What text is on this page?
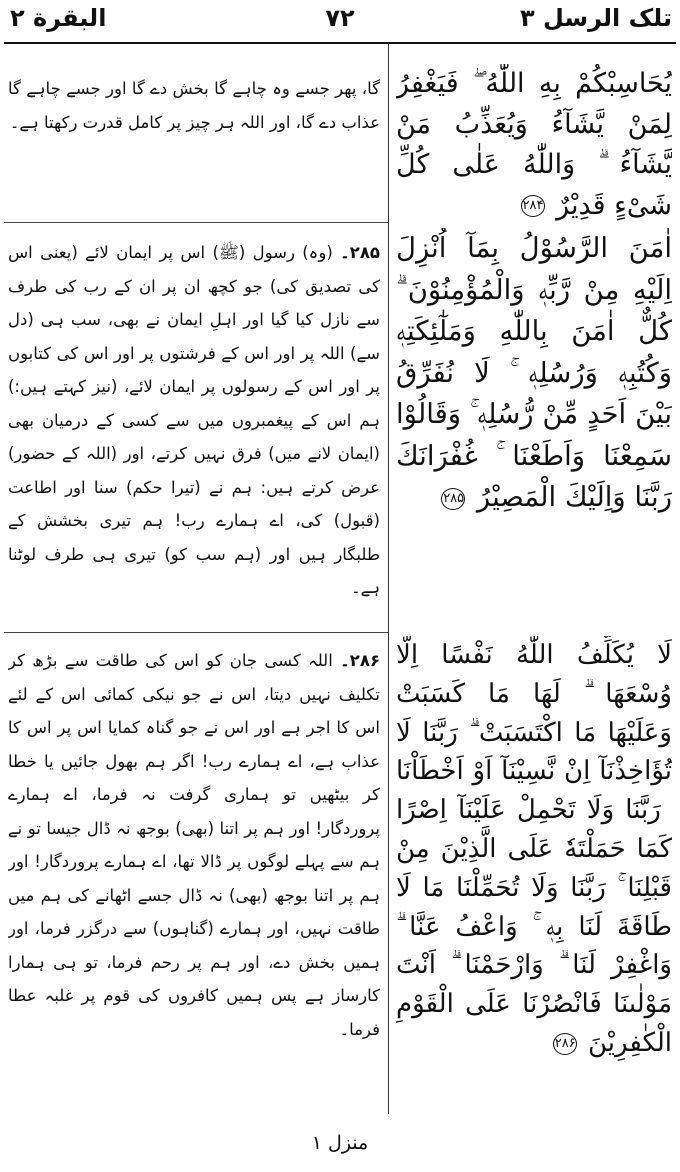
تلک الرسل ۳
۷۲
البقرة ۲
يُحَاسِبْكُمْ بِهِ اللّٰهُ ۖ فَيَغْفِرُ لِمَنْ يَّشَآءُ وَيُعَذِّبُ مَنْ يَّشَآءُ ۗ وَاللّٰهُ عَلٰى كُلِّ شَىْءٍ قَدِيْرٌ ۲۸۴
گا، پھر جسے وہ چاہے گا بخش دے گا اور جسے چاہے گا عذاب دے گا، اور اللہ ہر چیز پر کامل قدرت رکھتا ہے۔
اٰمَنَ الرَّسُوْلُ بِمَآ اُنْزِلَ اِلَيْهِ مِنْ رَّبِّهٖ وَالْمُؤْمِنُوْنَ ۗ كُلٌّ اٰمَنَ بِاللّٰهِ وَمَلٰٓئِكَتِهٖ وَكُتُبِهٖ وَرُسُلِهٖ ۚ لَا نُفَرِّقُ بَيْنَ اَحَدٍ مِّنْ رُّسُلِهٖ ۚ وَقَالُوْا سَمِعْنَا وَاَطَعْنَا ۚ غُفْرَانَكَ رَبَّنَا وَاِلَيْكَ الْمَصِيْرُ ۲۸۵
۲۸۵۔ (وہ) رسول (ﷺ) اس پر ایمان لائے (یعنی اس کی تصدیق کی) جو کچھ ان پر ان کے رب کی طرف سے نازل کیا گیا اور اہلِ ایمان نے بھی، سب ہی (دل سے) اللہ پر اور اس کے فرشتوں پر اور اس کی کتابوں پر اور اس کے رسولوں پر ایمان لائے، (نیز کہتے ہیں:) ہم اس کے پیغمبروں میں سے کسی کے درمیان بھی (ایمان لانے میں) فرق نہیں کرتے، اور (اللہ کے حضور) عرض کرتے ہیں: ہم نے (تیرا حکم) سنا اور اطاعت (قبول) کی، اے ہمارے رب! ہم تیری بخشش کے طلبگار ہیں اور (ہم سب کو) تیری ہی طرف لوٹنا ہے۔
لَا يُكَلِّفُ اللّٰهُ نَفْسًا اِلَّا وُسْعَهَا ۗ لَهَا مَا كَسَبَتْ وَعَلَيْهَا مَا اكْتَسَبَتْ ۗ رَبَّنَا لَا تُؤَاخِذْنَآ اِنْ نَّسِيْنَآ اَوْ اَخْطَاْنَا ۚ رَبَّنَا وَلَا تَحْمِلْ عَلَيْنَآ اِصْرًا كَمَا حَمَلْتَهٗ عَلَى الَّذِيْنَ مِنْ قَبْلِنَا ۚ رَبَّنَا وَلَا تُحَمِّلْنَا مَا لَا طَاقَةَ لَنَا بِهٖ ۚ وَاعْفُ عَنَّا ۗ وَاغْفِرْ لَنَا ۗ وَارْحَمْنَا ۗ اَنْتَ مَوْلٰىنَا فَانْصُرْنَا عَلَى الْقَوْمِ الْكٰفِرِيْنَ ۲۸۶
۲۸۶۔ اللہ کسی جان کو اس کی طاقت سے بڑھ کر تکلیف نہیں دیتا، اس نے جو نیکی کمائی اس کے لئے اس کا اجر ہے اور اس نے جو گناہ کمایا اس پر اس کا عذاب ہے، اے ہمارے رب! اگر ہم بھول جائیں یا خطا کر بیٹھیں تو ہماری گرفت نہ فرما، اے ہمارے پروردگار! اور ہم پر اتنا (بھی) بوجھ نہ ڈال جیسا تو نے ہم سے پہلے لوگوں پر ڈالا تھا، اے ہمارے پروردگار! اور ہم پر اتنا بوجھ (بھی) نہ ڈال جسے اٹھانے کی ہم میں طاقت نہیں، اور ہمارے (گناہوں) سے درگزر فرما، اور ہمیں بخش دے، اور ہم پر رحم فرما، تو ہی ہمارا کارساز ہے پس ہمیں کافروں کی قوم پر غلبہ عطا فرما۔
منزل ۱
